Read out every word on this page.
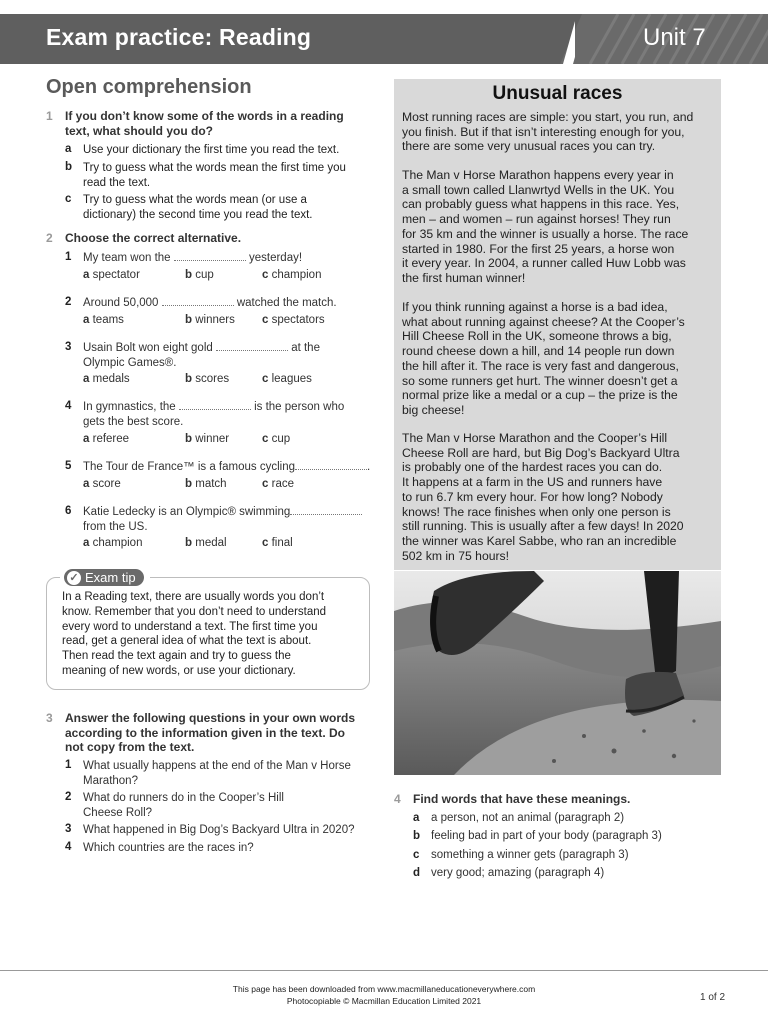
Exam practice: Reading	Unit 7
Open comprehension
1 If you don’t know some of the words in a reading
text, what should you do?
a Use your dictionary the first time you read the text.
b Try to guess what the words mean the first time you
read the text.
c Try to guess what the words mean (or use a
dictionary) the second time you read the text.
2 Choose the correct alternative.
1 My team won the	yesterday!
a spectator	b cup	c champion
2 Around 50,000	watched the match.
a teams	b winners c spectators
3 Usain Bolt won eight gold	at the
Olympic Games®.
a medals	b scores	c leagues
4 In gymnastics, the	is the person who
gets the best score.
a referee	b winner	c cup
5 The Tour de France™ is a famous cycling	.
a score	b match	c race
6 Katie Ledecky is an Olympic® swimming
from the US.
a champion	b medal	c final
✓ Exam tip
In a Reading text, there are usually words you don’t
know. Remember that you don’t need to understand
every word to understand a text. The first time you
read, get a general idea of what the text is about.
Then read the text again and try to guess the
meaning of new words, or use your dictionary.
3 Answer the following questions in your own words
according to the information given in the text. Do
not copy from the text.
1 What usually happens at the end of the Man v Horse
Marathon?
2 What do runners do in the Cooper’s Hill
Cheese Roll?
3 What happened in Big Dog’s Backyard Ultra in 2020?
4 Which countries are the races in?
Unusual races
Most running races are simple: you start, you run, and
you finish. But if that isn’t interesting enough for you,
there are some very unusual races you can try.
The Man v Horse Marathon happens every year in
a small town called Llanwrtyd Wells in the UK. You
can probably guess what happens in this race. Yes,
men – and women – run against horses! They run
for 35 km and the winner is usually a horse. The race
started in 1980. For the first 25 years, a horse won
it every year. In 2004, a runner called Huw Lobb was
the first human winner!
If you think running against a horse is a bad idea,
what about running against cheese? At the Cooper’s
Hill Cheese Roll in the UK, someone throws a big,
round cheese down a hill, and 14 people run down
the hill after it. The race is very fast and dangerous,
so some runners get hurt. The winner doesn’t get a
normal prize like a medal or a cup – the prize is the
big cheese!
The Man v Horse Marathon and the Cooper’s Hill
Cheese Roll are hard, but Big Dog’s Backyard Ultra
is probably one of the hardest races you can do.
It happens at a farm in the US and runners have
to run 6.7 km every hour. For how long? Nobody
knows! The race finishes when only one person is
still running. This is usually after a few days! In 2020
the winner was Karel Sabbe, who ran an incredible
502 km in 75 hours!
4 Find words that have these meanings.
a a person, not an animal (paragraph 2)
b feeling bad in part of your body (paragraph 3)
c something a winner gets (paragraph 3)
d very good; amazing (paragraph 4)
This page has been downloaded from www.macmillaneducationeverywhere.com
Photocopiable © Macmillan Education Limited 2021	1 of 2
